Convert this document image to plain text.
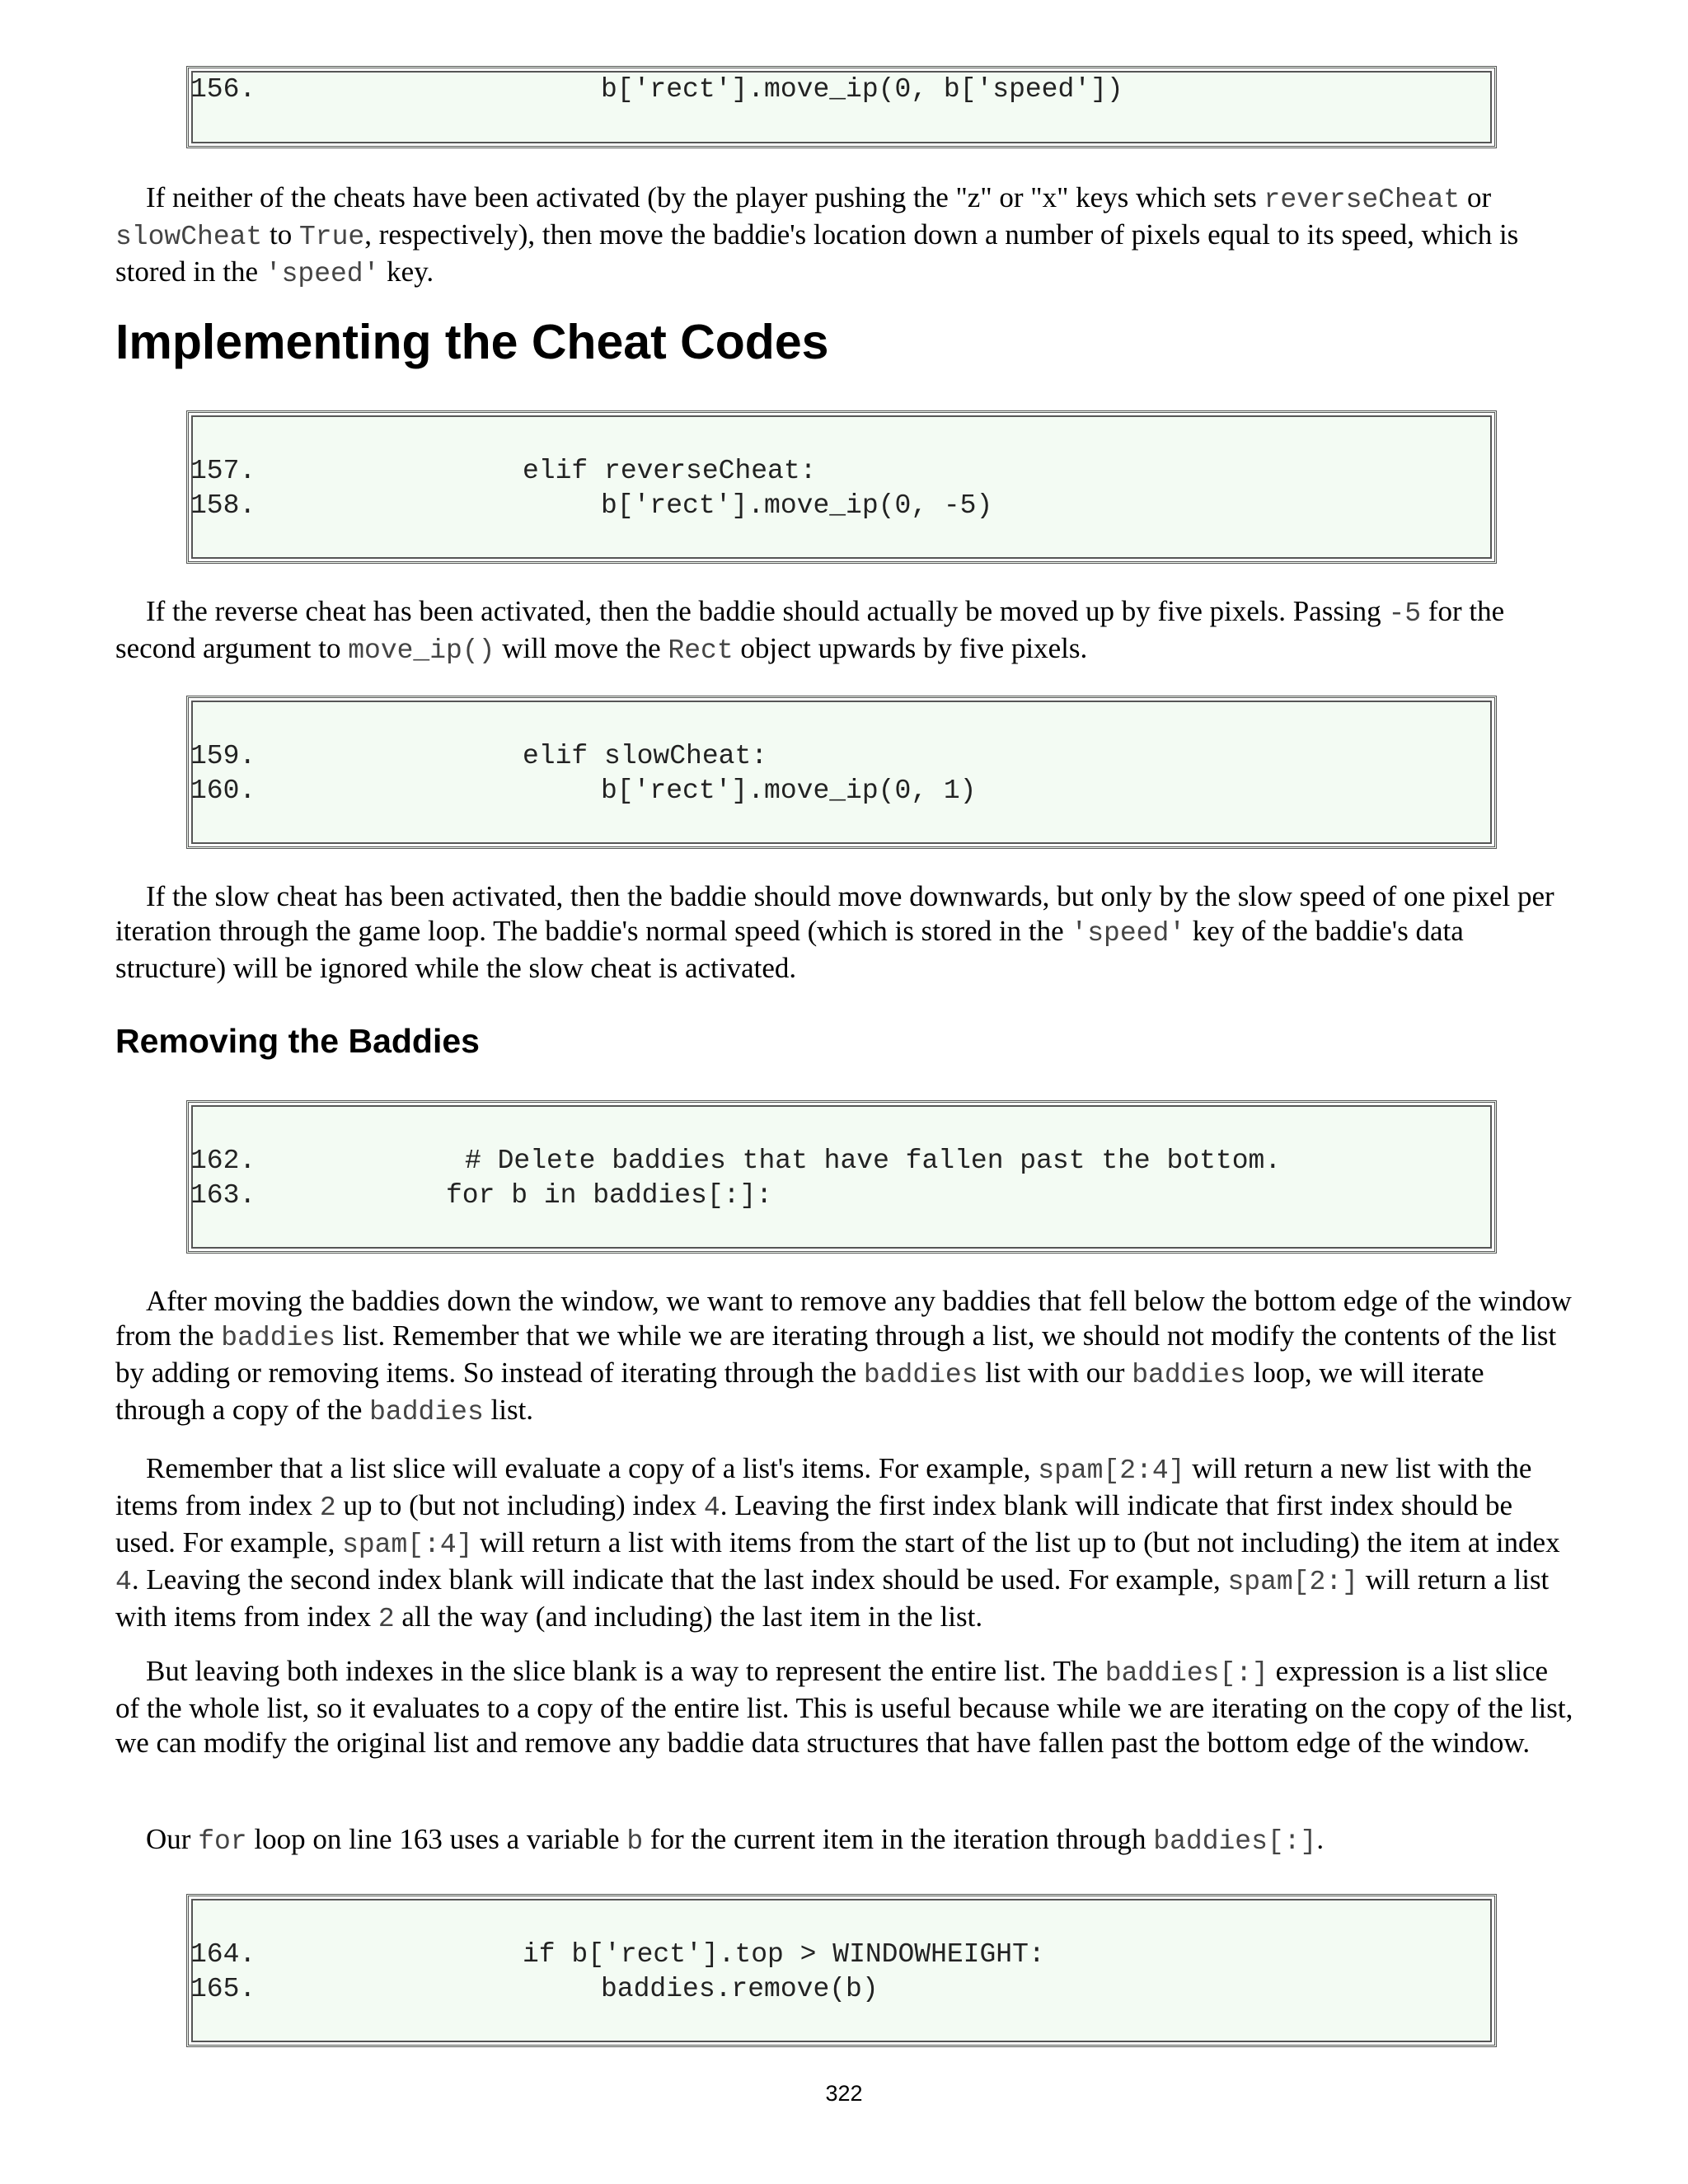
156.	b['rect'].move_ip(0, b['speed'])

If neither of the cheats have been activated (by the player pushing the "z" or "x" keys which sets reverseCheat or slowCheat to True, respectively), then move the baddie's location down a number of pixels equal to its speed, which is stored in the 'speed' key.

Implementing the Cheat Codes
157.	elif reverseCheat:
158.	b['rect'].move_ip(0, -5)

If the reverse cheat has been activated, then the baddie should actually be moved up by five pixels. Passing -5 for the second argument to move_ip() will move the Rect object upwards by five pixels.

159.	elif slowCheat:
160.	b['rect'].move_ip(0, 1)

If the slow cheat has been activated, then the baddie should move downwards, but only by the slow speed of one pixel per iteration through the game loop. The baddie's normal speed (which is stored in the 'speed' key of the baddie's data structure) will be ignored while the slow cheat is activated.

Removing the Baddies
162.	# Delete baddies that have fallen past the bottom.
163.	for b in baddies[:]:

After moving the baddies down the window, we want to remove any baddies that fell below the bottom edge of the window from the baddies list. Remember that we while we are iterating through a list, we should not modify the contents of the list by adding or removing items. So instead of iterating through the baddies list with our baddies loop, we will iterate through a copy of the baddies list.

Remember that a list slice will evaluate a copy of a list's items. For example, spam[2:4] will return a new list with the items from index 2 up to (but not including) index 4. Leaving the first index blank will indicate that first index should be used. For example, spam[:4] will return a list with items from the start of the list up to (but not including) the item at index 4. Leaving the second index blank will indicate that the last index should be used. For example, spam[2:] will return a list with items from index 2 all the way (and including) the last item in the list.

But leaving both indexes in the slice blank is a way to represent the entire list. The baddies[:] expression is a list slice of the whole list, so it evaluates to a copy of the entire list. This is useful because while we are iterating on the copy of the list, we can modify the original list and remove any baddie data structures that have fallen past the bottom edge of the window.

Our for loop on line 163 uses a variable b for the current item in the iteration through baddies[:].

164.	if b['rect'].top > WINDOWHEIGHT:
165.	baddies.remove(b)
322
